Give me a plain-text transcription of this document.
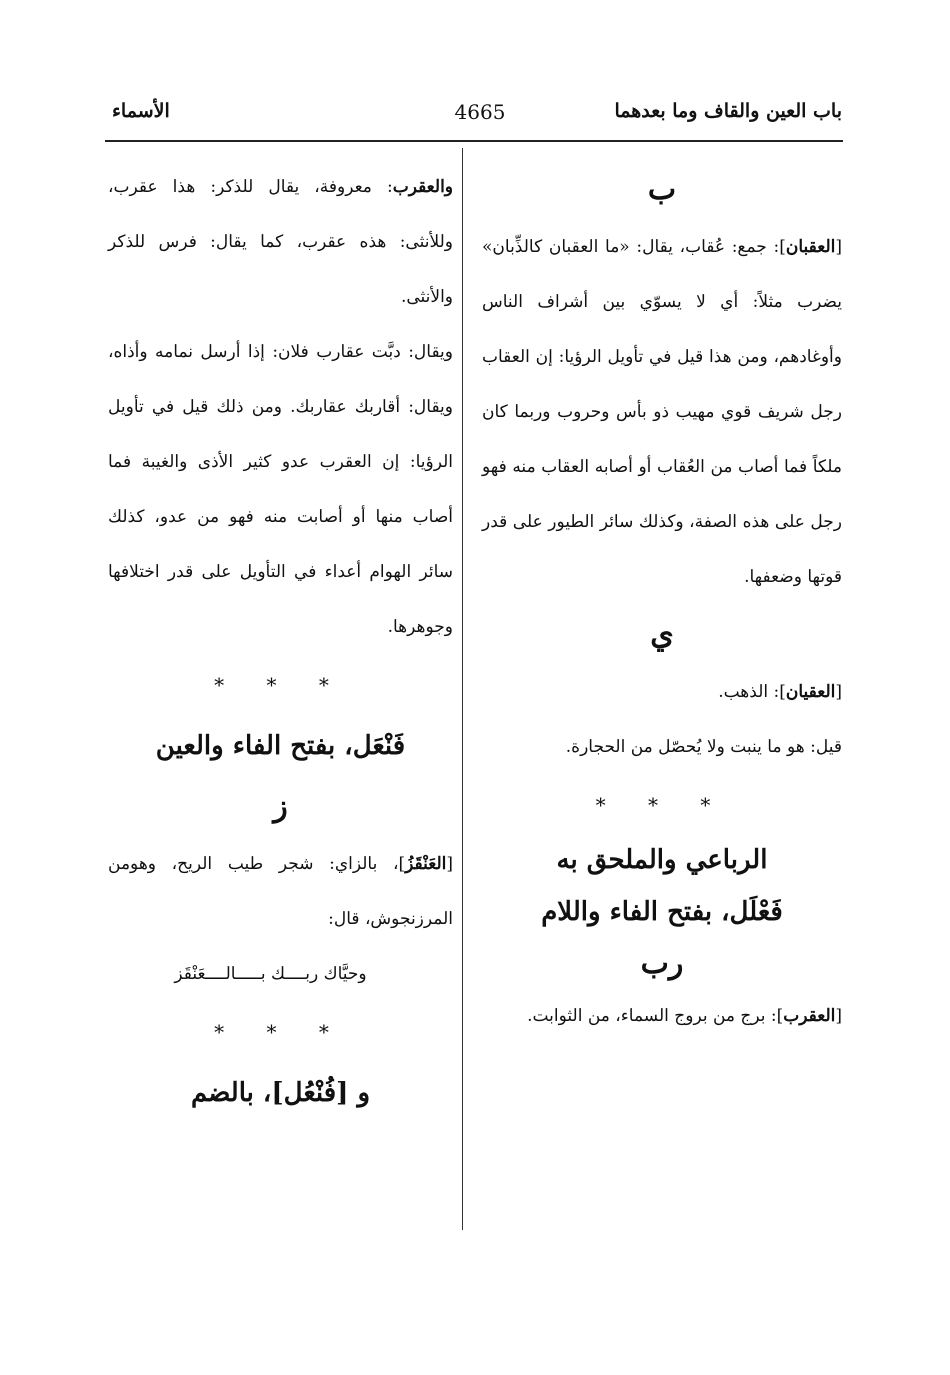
باب العين والقاف وما بعدهما
4665
الأسماء

ب

[العقبان]: جمع: عُقاب، يقال: «ما العقبان كالذِّبان» يضرب مثلاً: أي لا يسوّي بين أشراف الناس وأوغادهم، ومن هذا قيل في تأويل الرؤيا: إن العقاب رجل شريف قوي مهيب ذو بأس وحروب وربما كان ملكاً فما أصاب من العُقاب أو أصابه العقاب منه فهو رجل على هذه الصفة، وكذلك سائر الطيور على قدر قوتها وضعفها.

ي

[العقيان]: الذهب.

قيل: هو ما ينبت ولا يُحصّل من الحجارة.

* * *

الرباعي والملحق به

فَعْلَل، بفتح الفاء واللام

رب

[العقرب]: برج من بروج السماء، من الثوابت.

والعقرب: معروفة، يقال للذكر: هذا عقرب، وللأنثى: هذه عقرب، كما يقال: فرس للذكر والأنثى.

ويقال: دبَّت عقارب فلان: إذا أرسل نمامه وأذاه، ويقال: أقاربك عقاربك. ومن ذلك قيل في تأويل الرؤيا: إن العقرب عدو كثير الأذى والغيبة فما أصاب منها أو أصابت منه فهو من عدو، كذلك سائر الهوام أعداء في التأويل على قدر اختلافها وجوهرها.

* * *

فَنْعَل، بفتح الفاء والعين

ز

[العَنْقَزُ]، بالزاي: شجر طيب الريح، وهومن المرزنجوش، قال:

وحيَّاك ربــــك بـــــالــــعَنْقَز

* * *

و [فُنْعُل]، بالضم
